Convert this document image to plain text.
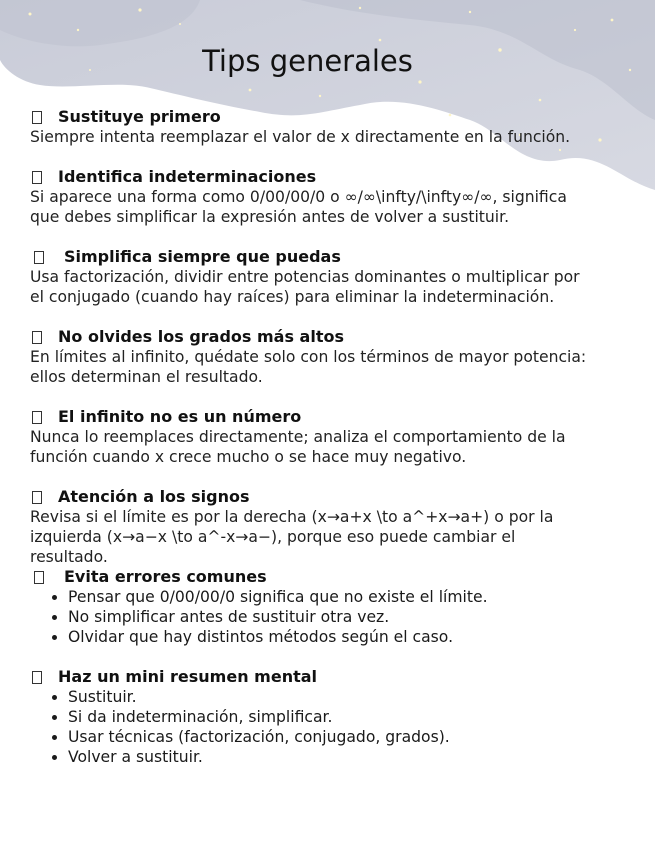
Tips generales
Sustituye primero
Siempre intenta reemplazar el valor de x directamente en la función.
Identifica indeterminaciones
Si aparece una forma como 0/00/00/0 o ∞/∞\infty/\infty∞/∞, significa que debes simplificar la expresión antes de volver a sustituir.
Simplifica siempre que puedas
Usa factorización, dividir entre potencias dominantes o multiplicar por el conjugado (cuando hay raíces) para eliminar la indeterminación.
No olvides los grados más altos
En límites al infinito, quédate solo con los términos de mayor potencia: ellos determinan el resultado.
El infinito no es un número
Nunca lo reemplaces directamente; analiza el comportamiento de la función cuando x crece mucho o se hace muy negativo.
Atención a los signos
Revisa si el límite es por la derecha (x→a+x \to a^+x→a+) o por la izquierda (x→a−x \to a^-x→a−), porque eso puede cambiar el resultado.
Evita errores comunes
• Pensar que 0/00/00/0 significa que no existe el límite.
• No simplificar antes de sustituir otra vez.
• Olvidar que hay distintos métodos según el caso.
Haz un mini resumen mental
• Sustituir.
• Si da indeterminación, simplificar.
• Usar técnicas (factorización, conjugado, grados).
• Volver a sustituir.
